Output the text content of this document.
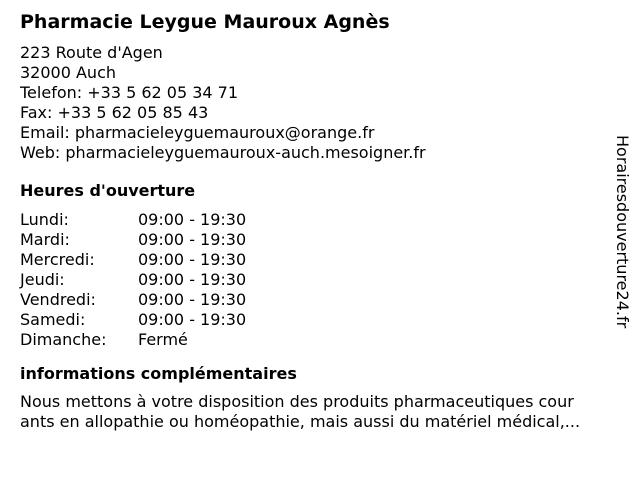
Pharmacie Leygue Mauroux Agnès
223 Route d'Agen
32000 Auch
Telefon: +33 5 62 05 34 71
Fax: +33 5 62 05 85 43
Email: pharmacieleyguemauroux@orange.fr
Web: pharmacieleyguemauroux-auch.mesoigner.fr
Heures d'ouverture
Lundi:	09:00 - 19:30
Mardi:	09:00 - 19:30
Mercredi:	09:00 - 19:30
Jeudi:	09:00 - 19:30
Vendredi:	09:00 - 19:30
Samedi:	09:00 - 19:30
Dimanche:	Fermé
informations complémentaires
Nous mettons à votre disposition des produits pharmaceutiques cour
ants en allopathie ou homéopathie, mais aussi du matériel médical,...
Horairesdouverture24.fr
